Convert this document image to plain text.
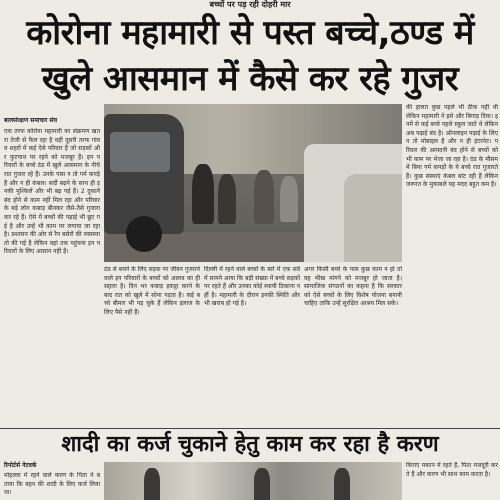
बच्चों पर पड़ रही दोहरी मार
कोरोना महामारी से पस्त बच्चे,ठण्ड में
खुले आसमान में कैसे कर रहे गुजर
बालसंरक्षण समाचार संघ
एक तरफ कोरोना महामारी का संक्रमण खतरा तेजी से फैल रहा है वहीं दूसरी तरफ गांव व शहरों में कई ऐसे परिवार हैं जो सड़कों और फुटपाथ पर रहने को मजबूर हैं। इन परिवारों के बच्चे ठंड में खुले आसमान के नीचे रात गुजार रहे हैं। उनके पास न तो गर्म कपड़े हैं और न ही कंबल। सर्दी बढ़ने के साथ ही इनकी मुश्किलें और भी बढ़ गई हैं। 2 दुकानें बंद होने से काम नहीं मिल रहा और परिवार के बड़े लोग कबाड़ बीनकर जैसे-तैसे गुजारा कर रहे हैं। ऐसे में बच्चों की पढ़ाई भी छूट गई है और उन्हें भी काम पर लगाया जा रहा है। प्रशासन की ओर से रैन बसेरों की व्यवस्था तो की गई है लेकिन वहां तक पहुंचना इन परिवारों के लिए आसान नहीं है।
ठंड से बचने के लिए सड़क पर जीवन गुजारने वाले इन परिवारों के बच्चों को अलाव का ही सहारा है। दिन भर कबाड़ इकट्ठा करने के बाद रात को खुले में सोना पड़ता है। कई बच्चे बीमार भी पड़ चुके हैं लेकिन इलाज के लिए पैसे नहीं हैं।
दिल्ली में रहने वाले बच्चों के बारे में एक सर्वे में सामने आया कि बड़ी संख्या में बच्चे सड़कों पर रहते हैं और उनका कोई स्थायी ठिकाना नहीं है। महामारी के दौरान इनकी स्थिति और भी खराब हो गई है।
अगर किसी बच्चे के पास कुछ काम न हो तो वह भीख मांगने को मजबूर हो जाता है। सामाजिक संगठनों का कहना है कि सरकार को ऐसे बच्चों के लिए विशेष योजना बनानी चाहिए ताकि उन्हें सुरक्षित आश्रय मिल सके।
की हालत कुछ पहले भी ठीक नहीं थी लेकिन महामारी ने इसे और बिगाड़ दिया। इनमें से कई बच्चे पहले स्कूल जाते थे लेकिन अब पढ़ाई बंद है। ऑनलाइन पढ़ाई के लिए न तो मोबाइल है और न ही इंटरनेट। परिवार की आमदनी बंद होने से बच्चों को भी काम पर भेजा जा रहा है। ठंड के मौसम में बिना गर्म कपड़ों के ये बच्चे रात गुजारते हैं। कुछ संस्थाएं कंबल बांट रही हैं लेकिन जरूरत के मुकाबले यह मदद बहुत कम है।
शादी का कर्ज चुकाने हेतु काम कर रहा है करण
रिपोर्टर्स नेटवर्क
मोहल्ला में रहने वाले करण के पिता ने बताया कि बहन की शादी के लिए कर्ज लिया था।
किराए मकान में रहते हैं, पिता मजदूरी करते हैं और करण भी साथ काम करता है।
